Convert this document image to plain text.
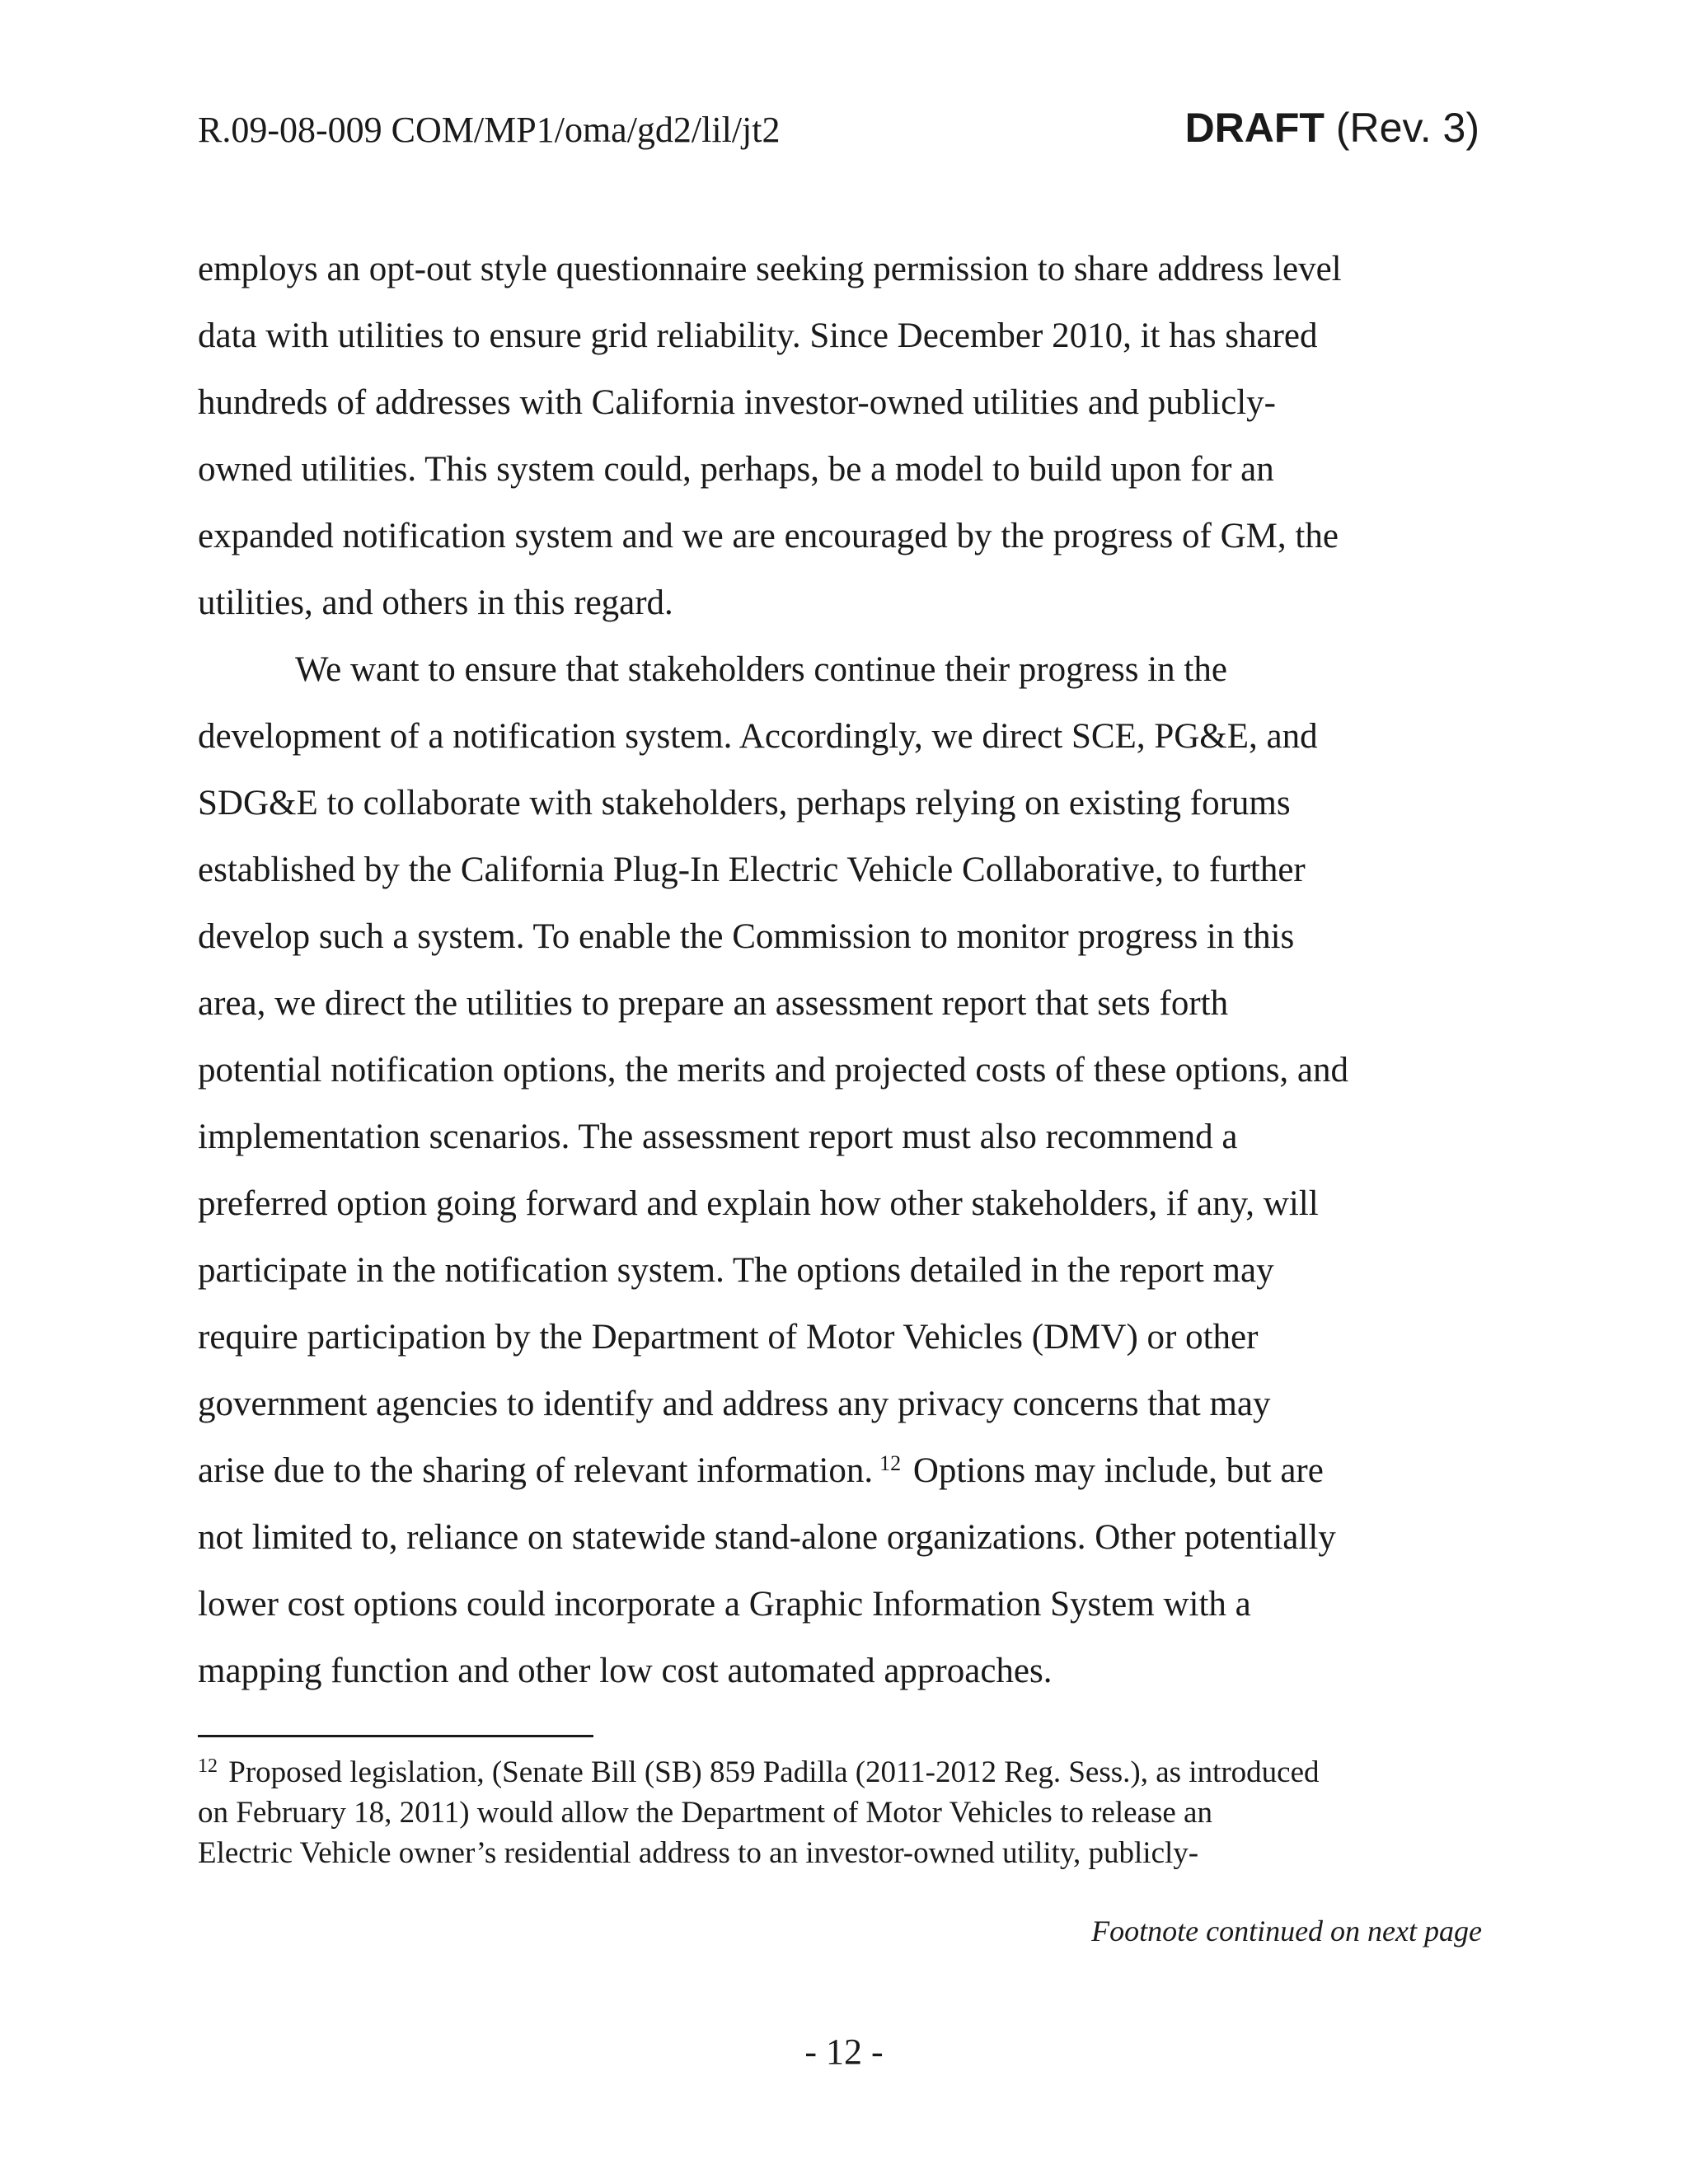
R.09-08-009 COM/MP1/oma/gd2/lil/jt2	DRAFT (Rev. 3)
employs an opt-out style questionnaire seeking permission to share address level
data with utilities to ensure grid reliability. Since December 2010, it has shared
hundreds of addresses with California investor-owned utilities and publicly-
owned utilities. This system could, perhaps, be a model to build upon for an
expanded notification system and we are encouraged by the progress of GM, the
utilities, and others in this regard.
We want to ensure that stakeholders continue their progress in the
development of a notification system. Accordingly, we direct SCE, PG&E, and
SDG&E to collaborate with stakeholders, perhaps relying on existing forums
established by the California Plug-In Electric Vehicle Collaborative, to further
develop such a system. To enable the Commission to monitor progress in this
area, we direct the utilities to prepare an assessment report that sets forth
potential notification options, the merits and projected costs of these options, and
implementation scenarios. The assessment report must also recommend a
preferred option going forward and explain how other stakeholders, if any, will
participate in the notification system. The options detailed in the report may
require participation by the Department of Motor Vehicles (DMV) or other
government agencies to identify and address any privacy concerns that may
arise due to the sharing of relevant information. $^{12}$ Options may include, but are
not limited to, reliance on statewide stand-alone organizations. Other potentially
lower cost options could incorporate a Graphic Information System with a
mapping function and other low cost automated approaches.
$^{12}$ Proposed legislation, (Senate Bill (SB) 859 Padilla (2011-2012 Reg. Sess.), as introduced
on February 18, 2011) would allow the Department of Motor Vehicles to release an
Electric Vehicle owner’s residential address to an investor-owned utility, publicly-
Footnote continued on next page
- 12 -
